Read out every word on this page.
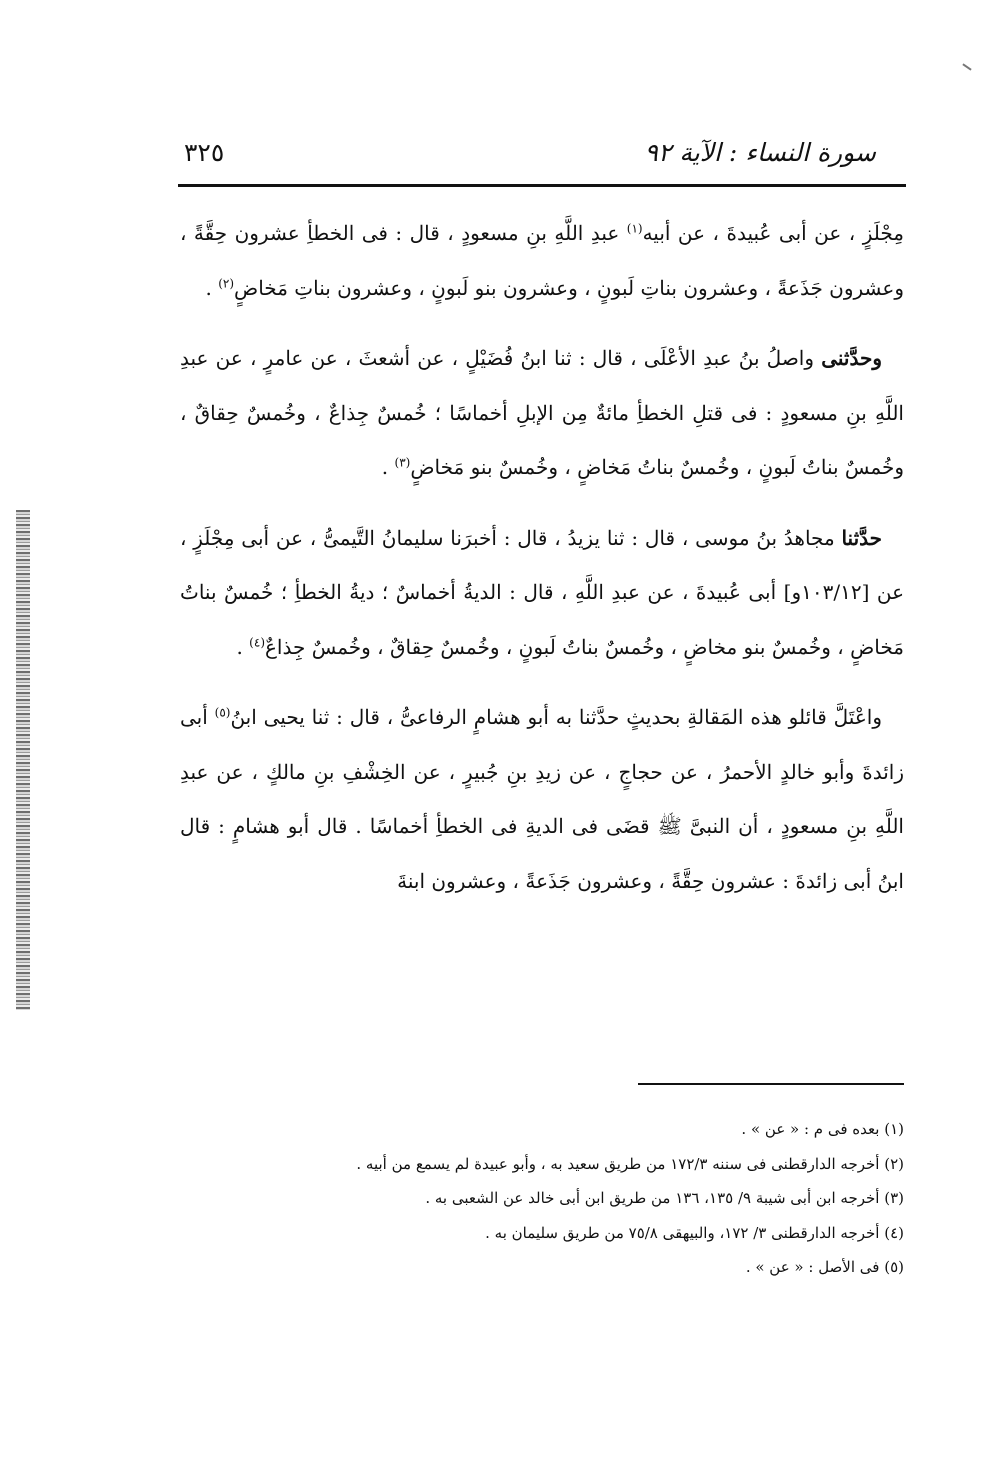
سورة النساء : الآية ٩٢
٣٢٥

مِجْلَزٍ ، عن أبى عُبيدةَ ، عن أبيه$^{(١)}$ عبدِ اللَّهِ بنِ مسعودٍ ، قال : فى الخطأِ عشرون حِقَّةً ، وعشرون جَذَعةً ، وعشرون بناتِ لَبونٍ ، وعشرون بنو لَبونٍ ، وعشرون بناتِ مَخاضٍ$^{(٢)}$ .

وحدَّثنى واصلُ بنُ عبدِ الأعْلَى ، قال : ثنا ابنُ فُضَيْلٍ ، عن أشعثَ ، عن عامرٍ ، عن عبدِ اللَّهِ بنِ مسعودٍ : فى قتلِ الخطأِ مائةٌ مِن الإبلِ أخماسًا ؛ خُمسٌ جِذاعٌ ، وخُمسٌ حِقاقٌ ، وخُمسٌ بناتُ لَبونٍ ، وخُمسٌ بناتُ مَخاضٍ ، وخُمسٌ بنو مَخاضٍ$^{(٣)}$ .

حدَّثنا مجاهدُ بنُ موسى ، قال : ثنا يزيدُ ، قال : أخبرَنا سليمانُ التَّيمىُّ ، عن أبى مِجْلَزٍ ، عن [١٠٣/١٢و] أبى عُبيدةَ ، عن عبدِ اللَّهِ ، قال : الديةُ أخماسٌ ؛ ديةُ الخطأِ ؛ خُمسٌ بناتُ مَخاضٍ ، وخُمسٌ بنو مخاضٍ ، وخُمسٌ بناتُ لَبونٍ ، وخُمسٌ حِقاقٌ ، وخُمسٌ جِذاعٌ$^{(٤)}$ .

واعْتَلَّ قائلو هذه المَقالةِ بحديثٍ حدَّثنا به أبو هشامٍ الرفاعىُّ ، قال : ثنا يحيى ابنُ$^{(٥)}$ أبى زائدةَ وأبو خالدٍ الأحمرُ ، عن حجاجٍ ، عن زيدِ بنِ جُبيرٍ ، عن الخِشْفِ بنِ مالكٍ ، عن عبدِ اللَّهِ بنِ مسعودٍ ، أن النبىَّ ﷺ قضَى فى الديةِ فى الخطأِ أخماسًا . قال أبو هشامٍ : قال ابنُ أبى زائدةَ : عشرون حِقَّةً ، وعشرون جَذَعةً ، وعشرون ابنةَ

(١) بعده فى م : « عن » .

(٢) أخرجه الدارقطنى فى سننه ١٧٢/٣ من طريق سعيد به ، وأبو عبيدة لم يسمع من أبيه .

(٣) أخرجه ابن أبى شيبة ٩/ ١٣٥، ١٣٦ من طريق ابن أبى خالد عن الشعبى به .

(٤) أخرجه الدارقطنى ٣/ ١٧٢، والبيهقى ٧٥/٨ من طريق سليمان به .

(٥) فى الأصل : « عن » .
